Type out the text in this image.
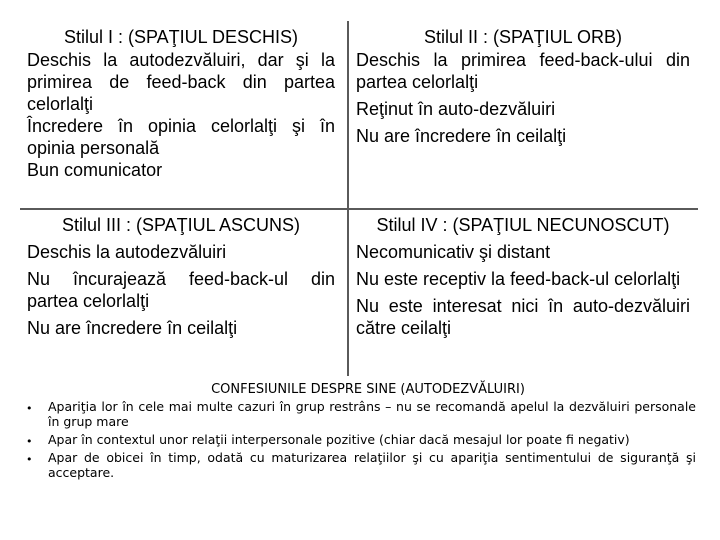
Stilul I : (SPAŢIUL DESCHIS)
Deschis la autodezvăluiri, dar şi la primirea de feed-back din partea celorlalţi
Încredere în opinia celorlalţi şi în opinia personală
Bun comunicator
Stilul II : (SPAŢIUL ORB)
Deschis la primirea feed-back-ului din partea celorlalţi
Reţinut în auto-dezvăluiri
Nu are încredere în ceilalţi
Stilul III : (SPAŢIUL ASCUNS)
Deschis la autodezvăluiri
Nu încurajează feed-back-ul din partea celorlalţi
Nu are încredere în ceilalţi
Stilul IV : (SPAŢIUL NECUNOSCUT)
Necomunicativ şi distant
Nu este receptiv la feed-back-ul celorlalţi
Nu este interesat nici în auto-dezvăluiri către ceilalţi
CONFESIUNILE DESPRE SINE (AUTODEZVĂLUIRI)
• Apariţia lor în cele mai multe cazuri în grup restrâns – nu se recomandă apelul la dezvăluiri personale în grup mare
• Apar în contextul unor relaţii interpersonale pozitive (chiar dacă mesajul lor poate fi negativ)
• Apar de obicei în timp, odată cu maturizarea relaţiilor şi cu apariţia sentimentului de siguranţă şi acceptare.
